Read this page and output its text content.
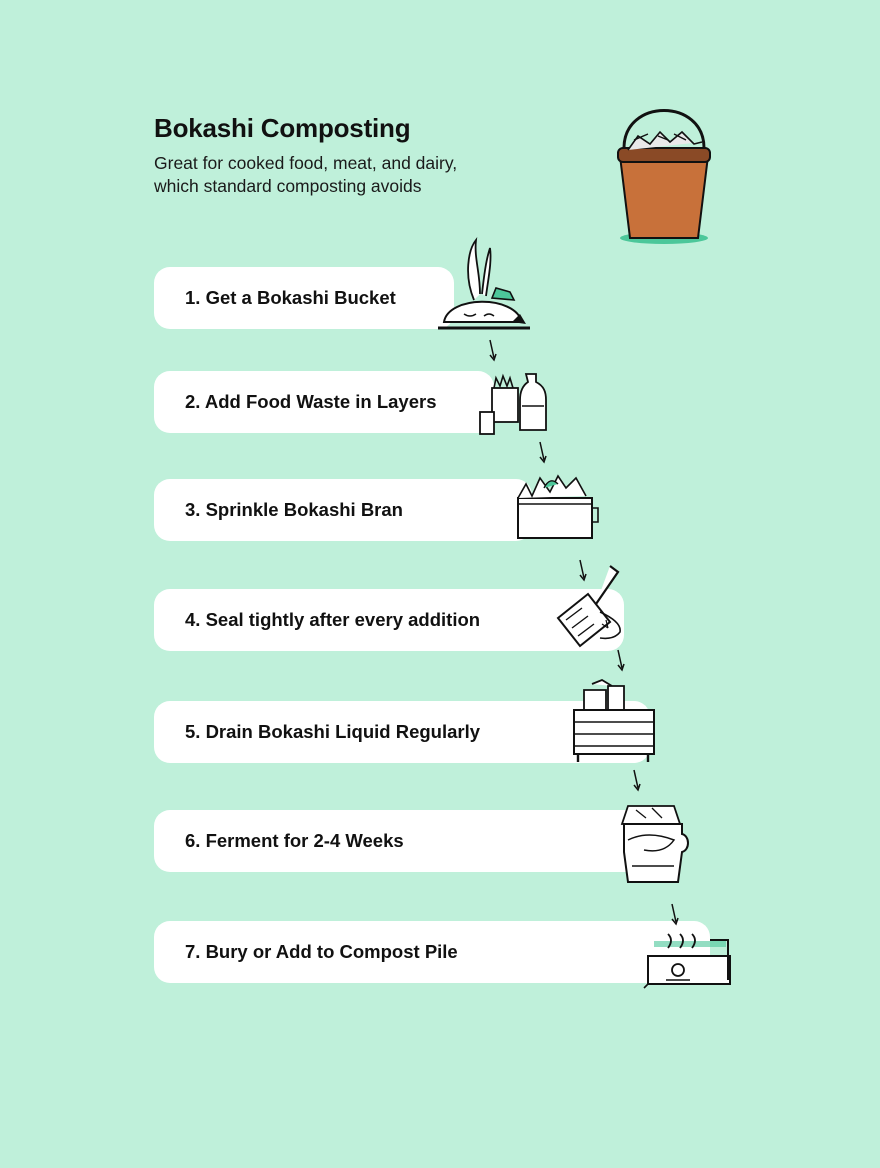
Bokashi Composting
Great for cooked food, meat, and dairy,
which standard composting avoids
1. Get a Bokashi Bucket
2. Add Food Waste in Layers
3. Sprinkle Bokashi Bran
4. Seal tightly after every addition
5. Drain Bokashi Liquid Regularly
6. Ferment for 2-4 Weeks
7. Bury or Add to Compost Pile
